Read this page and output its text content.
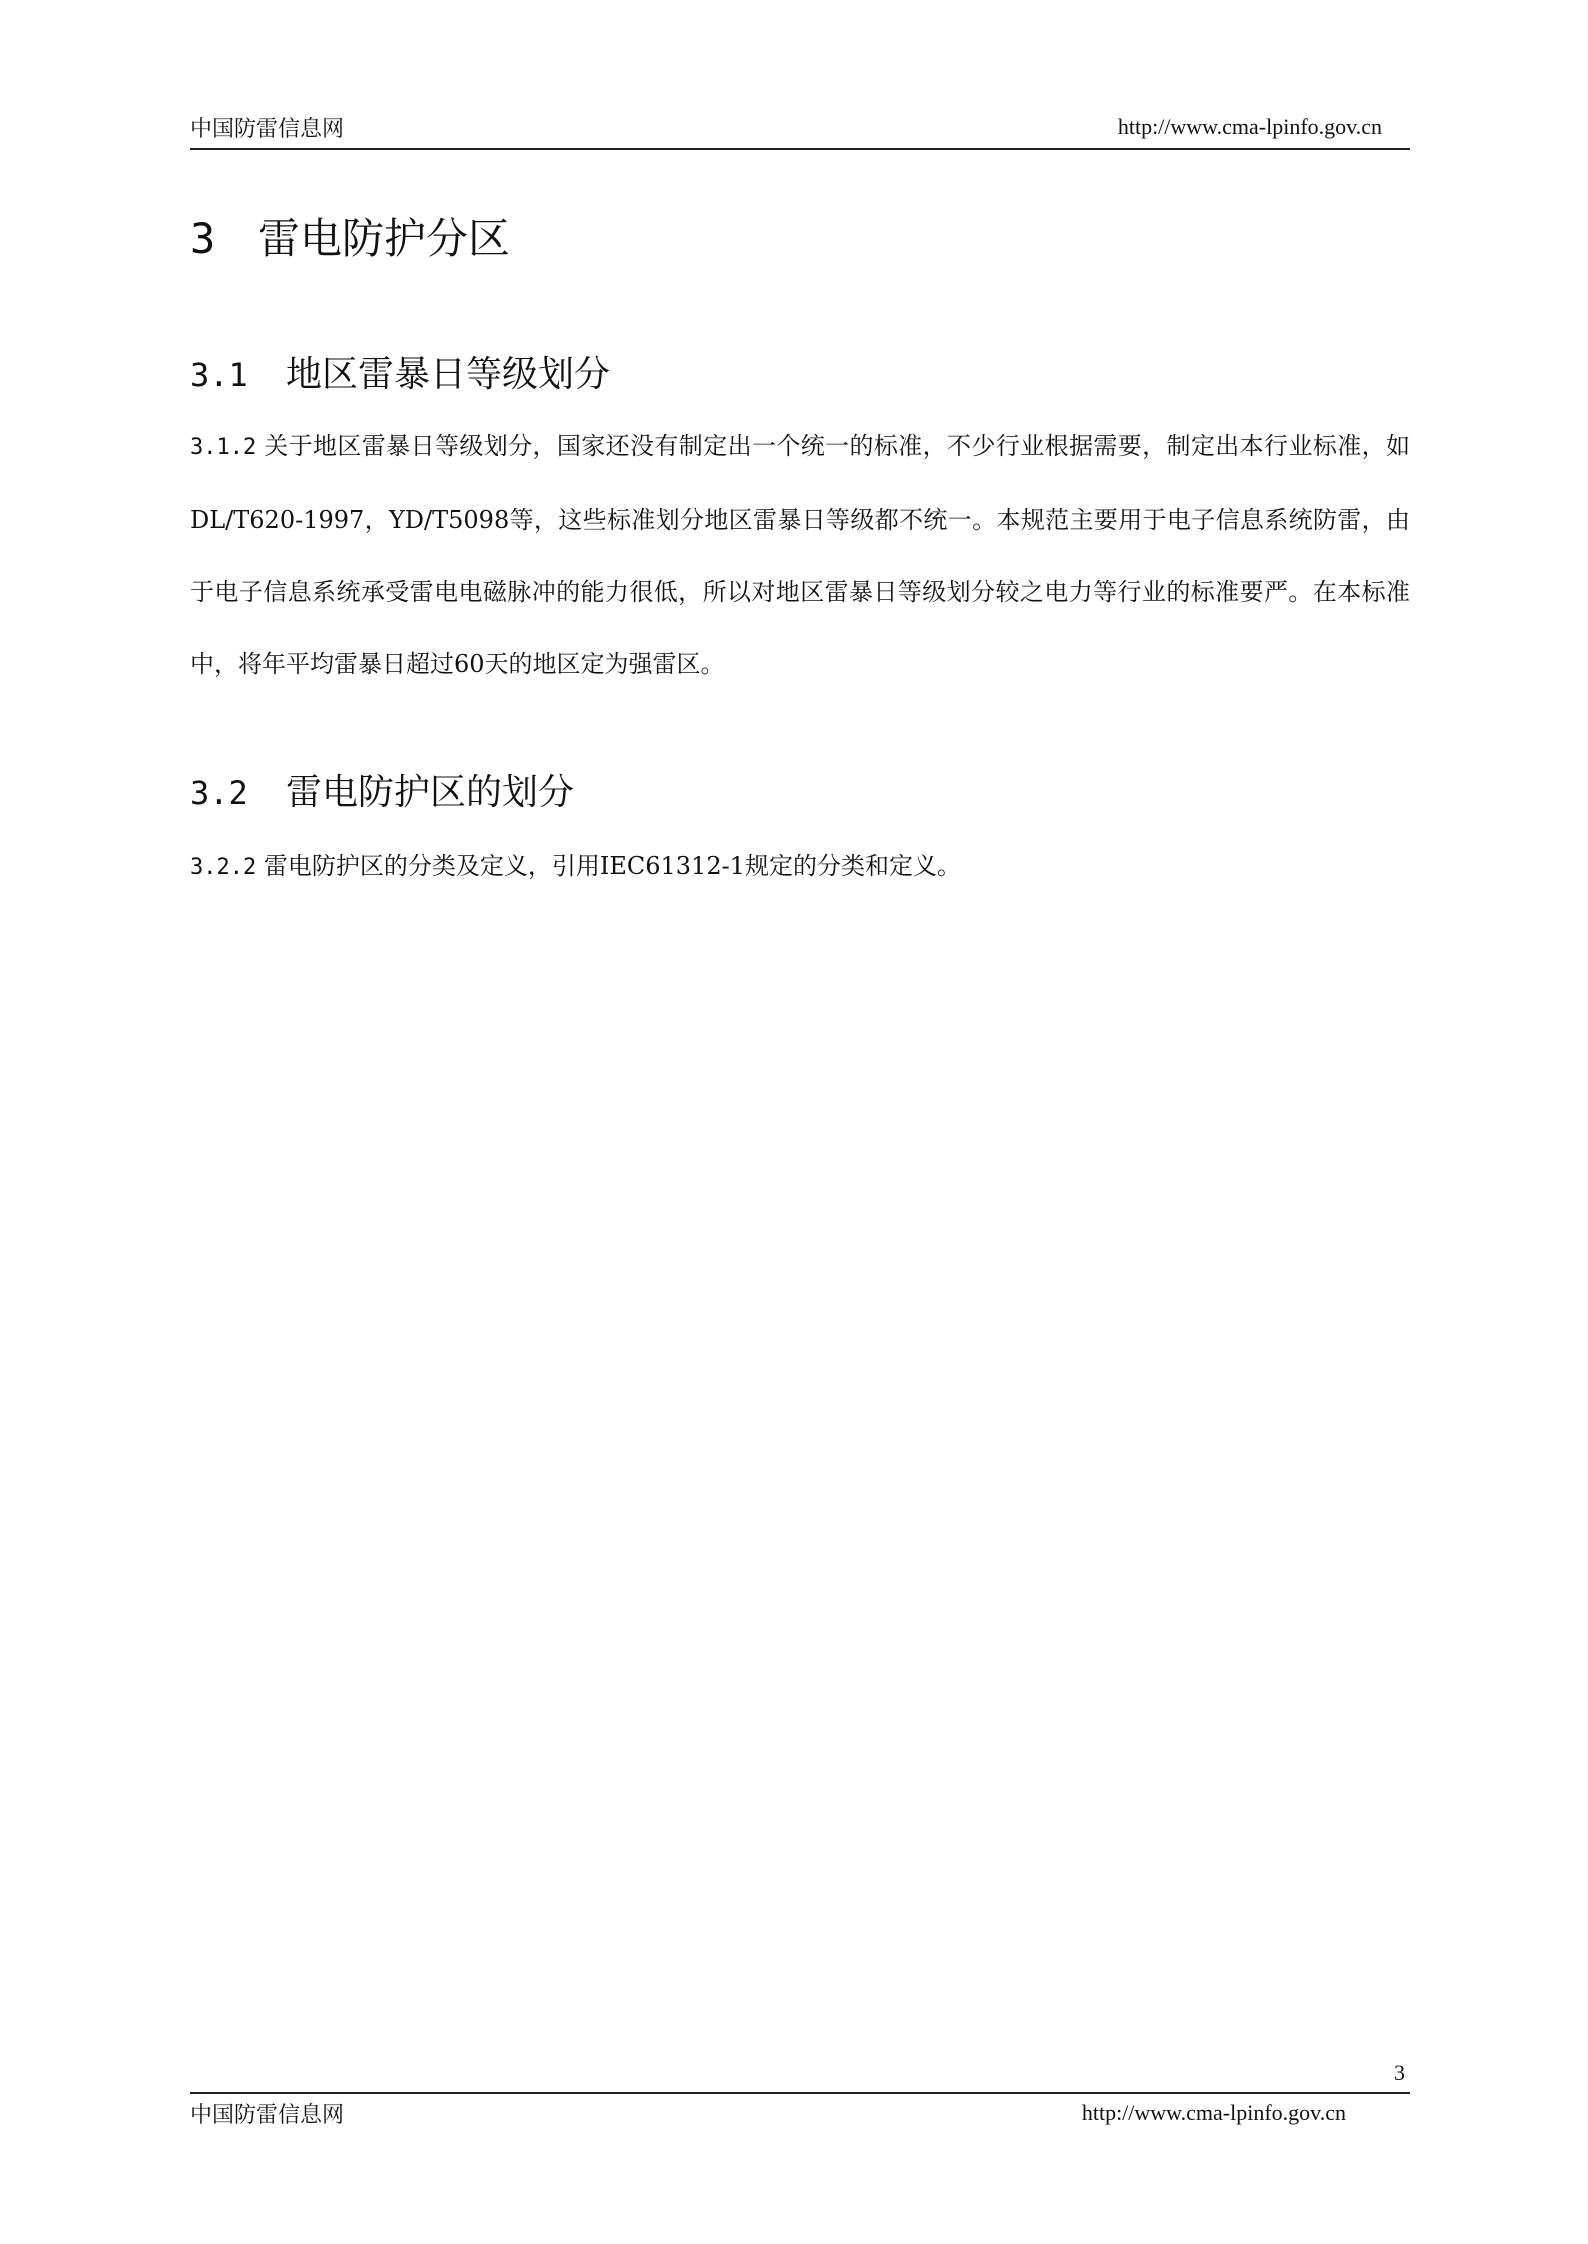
中国防雷信息网	http://www.cma-lpinfo.gov.cn
3 雷电防护分区
3.1 地区雷暴日等级划分
3.1.2 关于地区雷暴日等级划分，国家还没有制定出一个统一的标准，不少行业根据需要，制定出本行业标准，如DL/T620-1997，YD/T5098等，这些标准划分地区雷暴日等级都不统一。本规范主要用于电子信息系统防雷，由于电子信息系统承受雷电电磁脉冲的能力很低，所以对地区雷暴日等级划分较之电力等行业的标准要严。在本标准中，将年平均雷暴日超过60天的地区定为强雷区。
3.2 雷电防护区的划分
3.2.2 雷电防护区的分类及定义，引用IEC61312-1规定的分类和定义。
3
中国防雷信息网	http://www.cma-lpinfo.gov.cn
